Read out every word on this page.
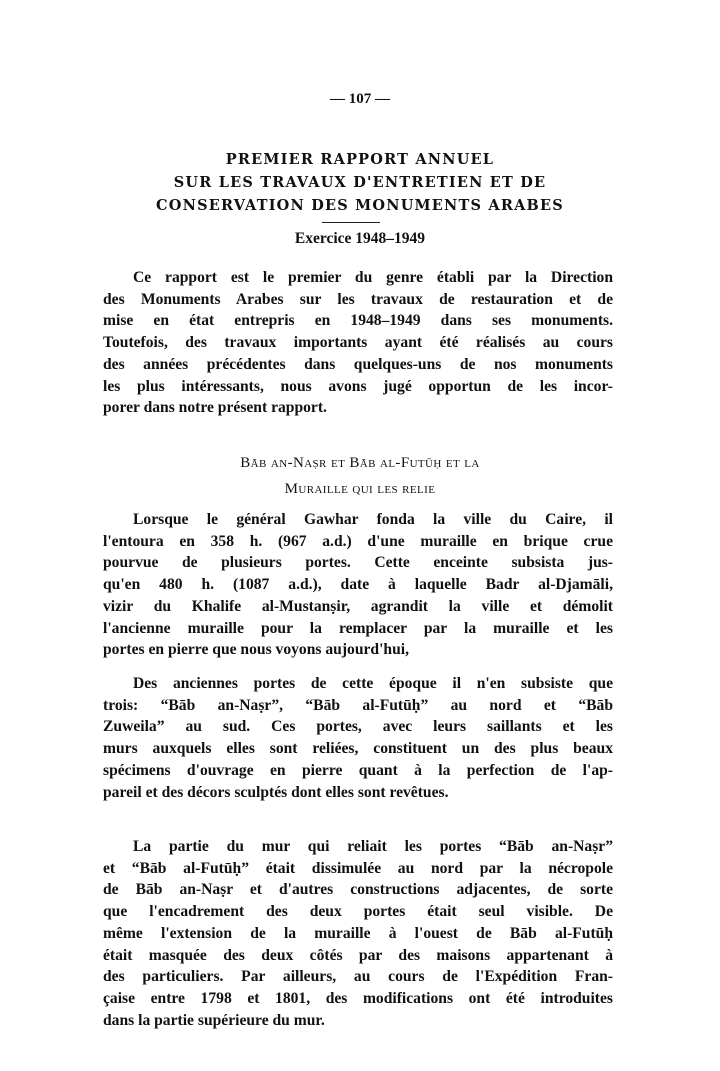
— 107 —
PREMIER RAPPORT ANNUEL
SUR LES TRAVAUX D'ENTRETIEN ET DE
CONSERVATION DES MONUMENTS ARABES
Exercice 1948–1949
Ce rapport est le premier du genre établi par la Direction
des Monuments Arabes sur les travaux de restauration et de
mise en état entrepris en 1948–1949 dans ses monuments.
Toutefois, des travaux importants ayant été réalisés au cours
des années précédentes dans quelques-uns de nos monuments
les plus intéressants, nous avons jugé opportun de les incor-
porer dans notre présent rapport.
Bāb an-Naṣr et Bāb al-Futūḥ et la
Muraille qui les relie
Lorsque le général Gawhar fonda la ville du Caire, il
l'entoura en 358 h. (967 a.d.) d'une muraille en brique crue
pourvue de plusieurs portes. Cette enceinte subsista jus-
qu'en 480 h. (1087 a.d.), date à laquelle Badr al-Djamāli,
vizir du Khalife al-Mustanṣir, agrandit la ville et démolit
l'ancienne muraille pour la remplacer par la muraille et les
portes en pierre que nous voyons aujourd'hui,
Des anciennes portes de cette époque il n'en subsiste que
trois: “Bāb an-Naṣr”, “Bāb al-Futūḥ” au nord et “Bāb
Zuweila” au sud. Ces portes, avec leurs saillants et les
murs auxquels elles sont reliées, constituent un des plus beaux
spécimens d'ouvrage en pierre quant à la perfection de l'ap-
pareil et des décors sculptés dont elles sont revêtues.
La partie du mur qui reliait les portes “Bāb an-Naṣr”
et “Bāb al-Futūḥ” était dissimulée au nord par la nécropole
de Bāb an-Naṣr et d'autres constructions adjacentes, de sorte
que l'encadrement des deux portes était seul visible. De
même l'extension de la muraille à l'ouest de Bāb al-Futūḥ
était masquée des deux côtés par des maisons appartenant à
des particuliers. Par ailleurs, au cours de l'Expédition Fran-
çaise entre 1798 et 1801, des modifications ont été introduites
dans la partie supérieure du mur.
